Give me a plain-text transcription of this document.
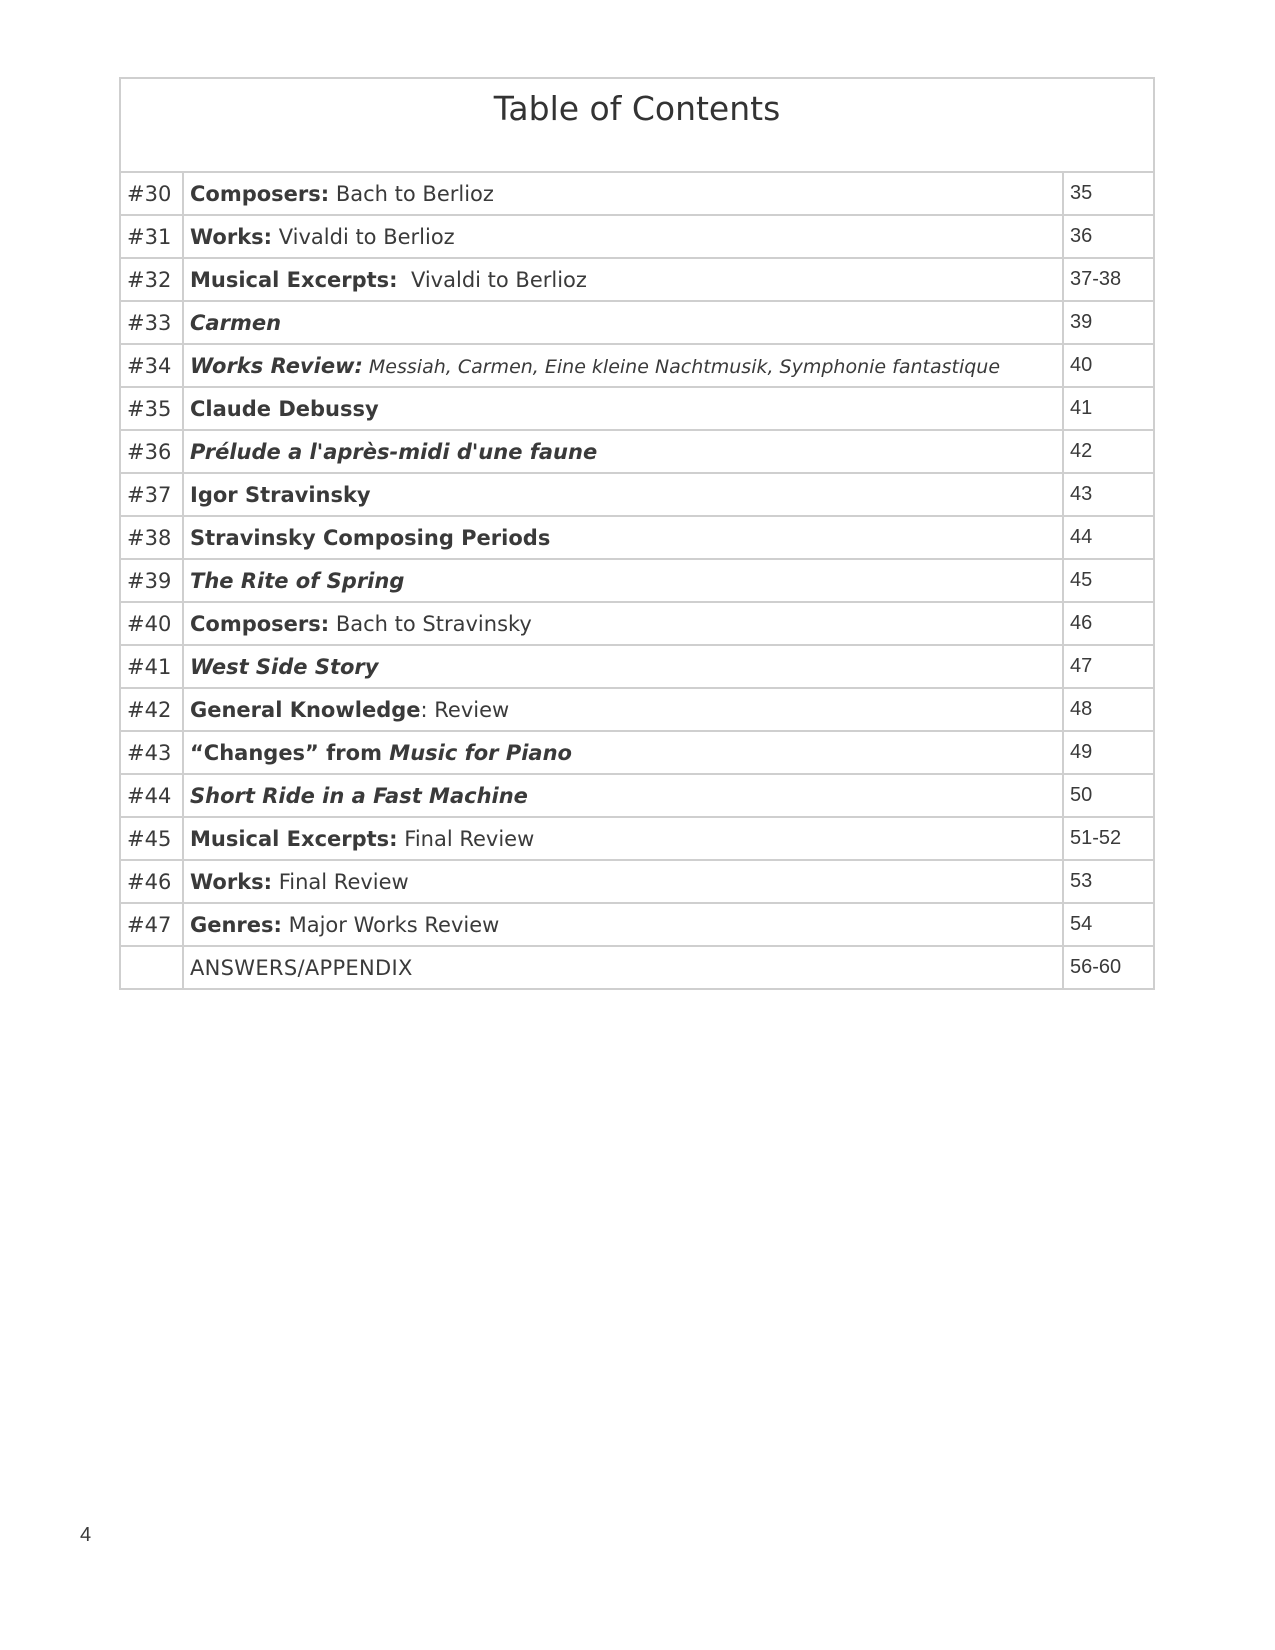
Table of Contents		
#30	Composers: Bach to Berlioz	35
#31	Works: Vivaldi to Berlioz	36
#32	Musical Excerpts:  Vivaldi to Berlioz	37-38
#33	Carmen	39
#34	Works Review: Messiah, Carmen, Eine kleine Nachtmusik, Symphonie fantastique	40
#35	Claude Debussy	41
#36	Prélude a l'après-midi d'une faune	42
#37	Igor Stravinsky	43
#38	Stravinsky Composing Periods	44
#39	The Rite of Spring	45
#40	Composers: Bach to Stravinsky	46
#41	West Side Story	47
#42	General Knowledge: Review	48
#43	“Changes” from Music for Piano	49
#44	Short Ride in a Fast Machine	50
#45	Musical Excerpts: Final Review	51-52
#46	Works: Final Review	53
#47	Genres: Major Works Review	54
	ANSWERS/APPENDIX	56-60
4
